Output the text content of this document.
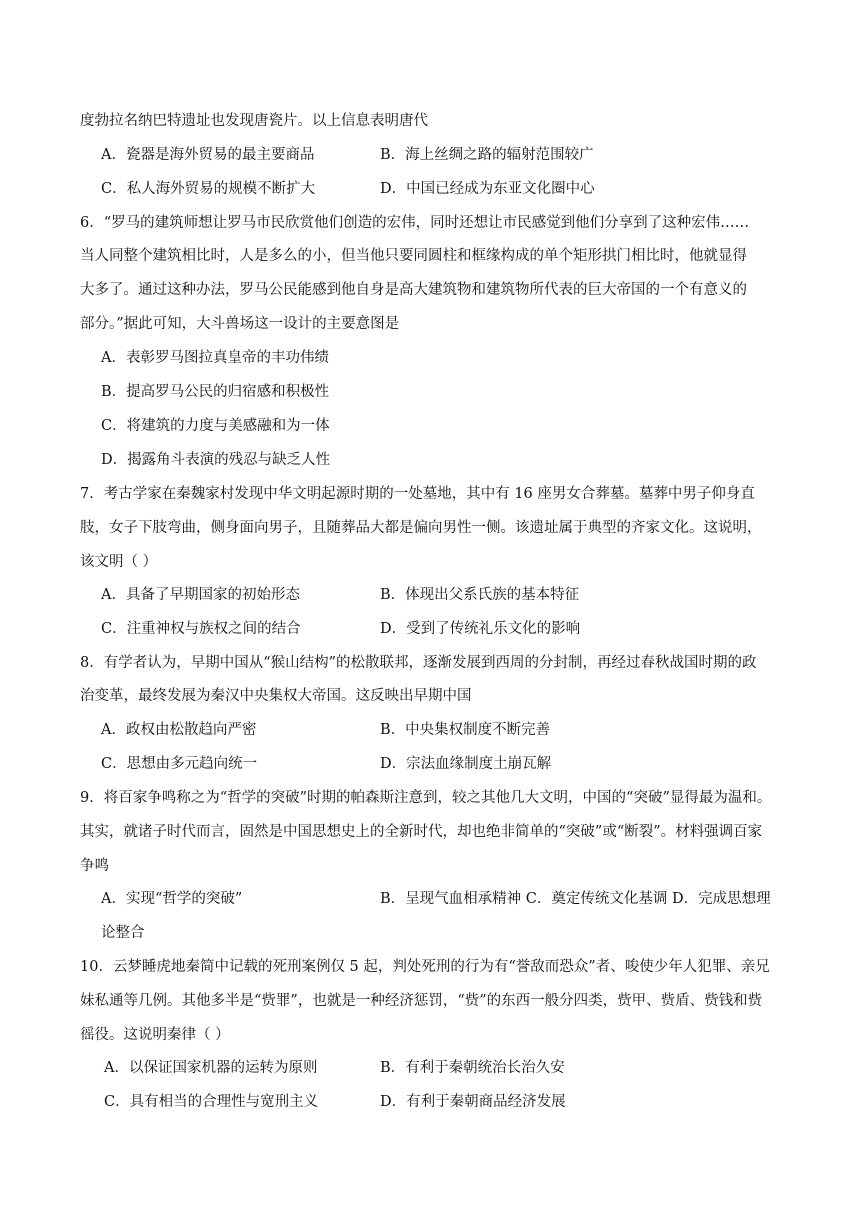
度勃拉名纳巴特遗址也发现唐瓷片。以上信息表明唐代
A．瓷器是海外贸易的最主要商品	B．海上丝绸之路的辐射范围较广
C．私人海外贸易的规模不断扩大	D．中国已经成为东亚文化圈中心
6．“罗马的建筑师想让罗马市民欣赏他们创造的宏伟，同时还想让市民感觉到他们分享到了这种宏伟……
当人同整个建筑相比时，人是多么的小，但当他只要同圆柱和框缘构成的单个矩形拱门相比时，他就显得
大多了。通过这种办法，罗马公民能感到他自身是高大建筑物和建筑物所代表的巨大帝国的一个有意义的
部分。”据此可知，大斗兽场这一设计的主要意图是
A．表彰罗马图拉真皇帝的丰功伟绩
B．提高罗马公民的归宿感和积极性
C．将建筑的力度与美感融和为一体
D．揭露角斗表演的残忍与缺乏人性
7．考古学家在秦魏家村发现中华文明起源时期的一处墓地，其中有 16 座男女合葬墓。墓葬中男子仰身直
肢，女子下肢弯曲，侧身面向男子，且随葬品大都是偏向男性一侧。该遗址属于典型的齐家文化。这说明，
该文明（ ）
A．具备了早期国家的初始形态	B．体现出父系氏族的基本特征
C．注重神权与族权之间的结合	D．受到了传统礼乐文化的影响
8．有学者认为，早期中国从“猴山结构”的松散联邦，逐渐发展到西周的分封制，再经过春秋战国时期的政
治变革，最终发展为秦汉中央集权大帝国。这反映出早期中国
A．政权由松散趋向严密	B．中央集权制度不断完善
C．思想由多元趋向统一	D．宗法血缘制度土崩瓦解
9．将百家争鸣称之为“哲学的突破”时期的帕森斯注意到，较之其他几大文明，中国的“突破”显得最为温和。
其实，就诸子时代而言，固然是中国思想史上的全新时代，却也绝非简单的“突破”或“断裂”。材料强调百家
争鸣
A．实现“哲学的突破”	B．呈现气血相承精神 C．奠定传统文化基调 D．完成思想理
论整合
10．云梦睡虎地秦简中记载的死刑案例仅 5 起，判处死刑的行为有“誉敌而恐众”者、唆使少年人犯罪、亲兄
妹私通等几例。其他多半是“赀罪”，也就是一种经济惩罚，“赀”的东西一般分四类，赀甲、赀盾、赀钱和赀
徭役。这说明秦律（ ）
A．以保证国家机器的运转为原则	B．有利于秦朝统治长治久安
C．具有相当的合理性与宽刑主义	D．有利于秦朝商品经济发展
